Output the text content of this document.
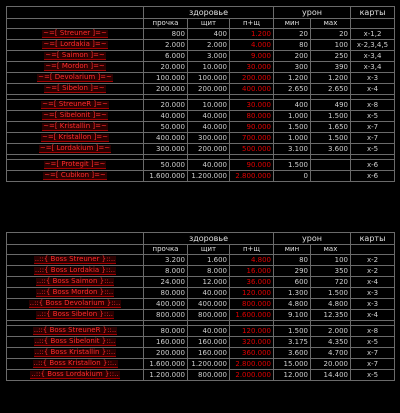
	здоровье			урон		карты
	прочка	щит	п+щ	мин	мах	
~=[ Streuner ]=~	800	400	1.200	20	20	x-1,2
~=[ Lordakia ]=~	2.000	2.000	4.000	80	100	x-2,3,4,5
~=[ Saimon ]=~	6.000	3.000	9.000	200	250	x-3,4
~=[ Mordon ]=~	20.000	10.000	30.000	300	390	x-3,4
~=[ Devolarium ]=~	100.000	100.000	200.000	1.200	1.200	x-3
~=[ Sibelon ]=~	200.000	200.000	400.000	2.650	2.650	x-4

~=[ StreuneR ]=~	20.000	10.000	30.000	400	490	x-8
~=[ Sibelonit ]=~	40.000	40.000	80.000	1.000	1.500	x-5
~=[ Kristallin ]=~	50.000	40.000	90.000	1.500	1.650	x-7
~=[ Kristallon ]=~	400.000	300.000	700.000	1.000	1.500	x-7
~=[ Lordakium ]=~	300.000	200.000	500.000	3.100	3.600	x-5

~=[ Protegit ]=~	50.000	40.000	90.000	1.500		x-6
~=[ Cubikon ]=~	1.600.000	1.200.000	2.800.000	0		x-6
	здоровье			урон		карты
	прочка	щит	п+щ	мин	мах	
..::{ Boss Streuner }::..	3.200	1.600	4.800	80	100	x-2
..::{ Boss Lordakia }::..	8.000	8.000	16.000	290	350	x-2
..::{ Boss Saimon }::..	24.000	12.000	36.000	600	720	x-4
..::{ Boss Mordon }::..	80.000	40.000	120.000	1.300	1.500	x-3
..::{ Boss Devolarium }::..	400.000	400.000	800.000	4.800	4.800	x-3
..::{ Boss Sibelon }::..	800.000	800.000	1.600.000	9.100	12.350	x-4

..::{ Boss StreuneR }::..	80.000	40.000	120.000	1.500	2.000	x-8
..::{ Boss Sibelonit }::..	160.000	160.000	320.000	3.175	4.350	x-5
..::{ Boss Kristallin }::..	200.000	160.000	360.000	3.600	4.700	x-7
..::{ Boss Kristallon }::..	1.600.000	1.200.000	2.800.000	15.000	20.000	x-7
..::{ Boss Lordakium }::..	1.200.000	800.000	2.000.000	12.000	14.400	x-5
